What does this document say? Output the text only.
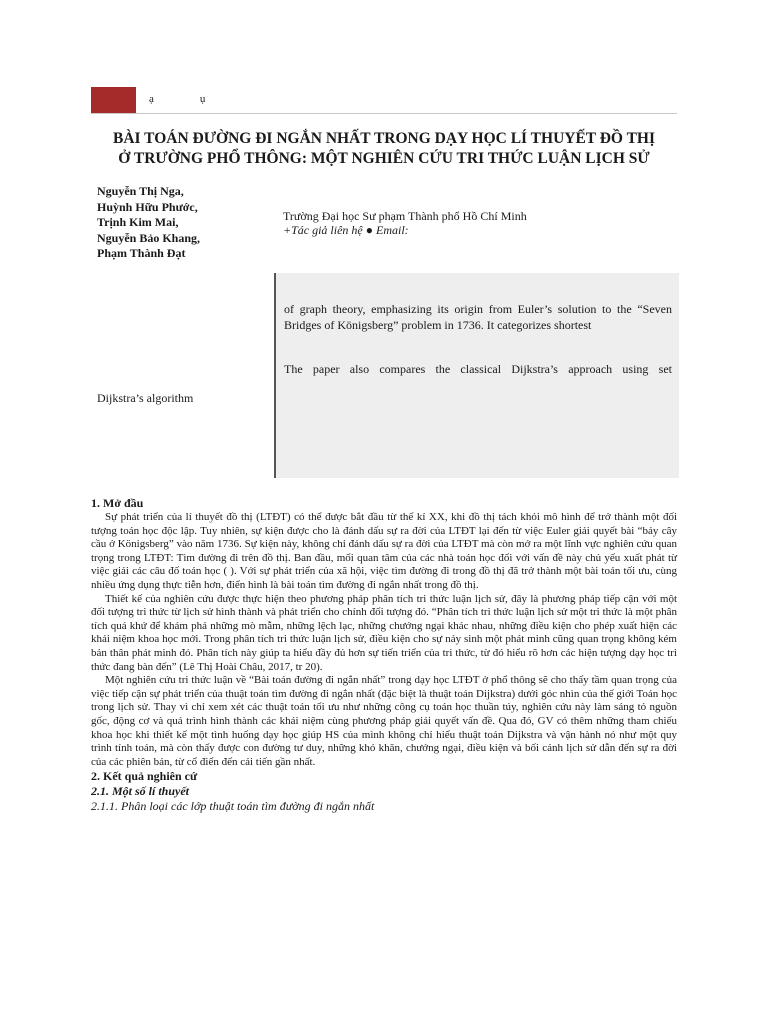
ạ	ụ
BÀI TOÁN ĐƯỜNG ĐI NGẮN NHẤT TRONG DẠY HỌC LÍ THUYẾT ĐỒ THỊ
Ở TRƯỜNG PHỔ THÔNG: MỘT NGHIÊN CỨU TRI THỨC LUẬN LỊCH SỬ
Nguyễn Thị Nga,
Huỳnh Hữu Phước,
Trịnh Kim Mai,
Nguyễn Bảo Khang,
Phạm Thành Đạt
Trường Đại học Sư phạm Thành phố Hồ Chí Minh
+Tác giả liên hệ ● Email:
of graph theory, emphasizing its origin from Euler’s solution to the “Seven Bridges of Königsberg” problem in 1736. It categorizes shortest
The paper also compares the classical Dijkstra’s approach using set
Dijkstra’s algorithm
1. Mở đầu

Sự phát triển của lí thuyết đồ thị (LTĐT) có thể được bắt đầu từ thế kỉ XX, khi đồ thị tách khỏi mô hình để trở thành một đối tượng toán học độc lập. Tuy nhiên, sự kiện được cho là đánh dấu sự ra đời của LTĐT lại đến từ việc Euler giải quyết bài “bảy cây cầu ở Königsberg” vào năm 1736. Sự kiện này, không chỉ đánh dấu sự ra đời của LTĐT mà còn mở ra một lĩnh vực nghiên cứu quan trọng trong LTĐT: Tìm đường đi trên đồ thị. Ban đầu, mối quan tâm của các nhà toán học đối với vấn đề này chủ yếu xuất phát từ việc giải các câu đố toán học ( ). Với sự phát triển của xã hội, việc tìm đường đi trong đồ thị đã trở thành một bài toán tối ưu, cùng nhiều ứng dụng thực tiễn hơn, điển hình là bài toán tìm đường đi ngắn nhất trong đồ thị.

Thiết kế của nghiên cứu được thực hiện theo phương pháp phân tích tri thức luận lịch sử, đây là phương pháp tiếp cận với một đối tượng tri thức từ lịch sử hình thành và phát triển cho chính đối tượng đó. “Phân tích tri thức luận lịch sử một tri thức là một phân tích quá khứ để khám phá những mò mẫm, những lệch lạc, những chướng ngại khác nhau, những điều kiện cho phép xuất hiện các khái niệm khoa học mới. Trong phân tích tri thức luận lịch sử, điều kiện cho sự nảy sinh một phát minh cũng quan trọng không kém bản thân phát minh đó. Phân tích này giúp ta hiểu đầy đủ hơn sự tiến triển của tri thức, từ đó hiểu rõ hơn các hiện tượng dạy học tri thức đang bàn đến” (Lê Thị Hoài Châu, 2017, tr 20).

Một nghiên cứu tri thức luận về “Bài toán đường đi ngắn nhất” trong dạy học LTĐT ở phổ thông sẽ cho thấy tầm quan trọng của việc tiếp cận sự phát triển của thuật toán tìm đường đi ngắn nhất (đặc biệt là thuật toán Dijkstra) dưới góc nhìn của thế giới Toán học trong lịch sử. Thay vì chỉ xem xét các thuật toán tối ưu như những công cụ toán học thuần túy, nghiên cứu này làm sáng tỏ nguồn gốc, động cơ và quá trình hình thành các khái niệm cùng phương pháp giải quyết vấn đề. Qua đó, GV có thêm những tham chiếu khoa học khi thiết kế một tình huống dạy học giúp HS của mình không chỉ hiểu thuật toán Dijkstra và vận hành nó như một quy trình tính toán, mà còn thấy được con đường tư duy, những khó khăn, chướng ngại, điều kiện và bối cảnh lịch sử dẫn đến sự ra đời của các phiên bản, từ cổ điển đến cải tiến gần nhất.

2. Kết quả nghiên cứ
2.1. Một số lí thuyết
2.1.1. Phân loại các lớp thuật toán tìm đường đi ngắn nhất
